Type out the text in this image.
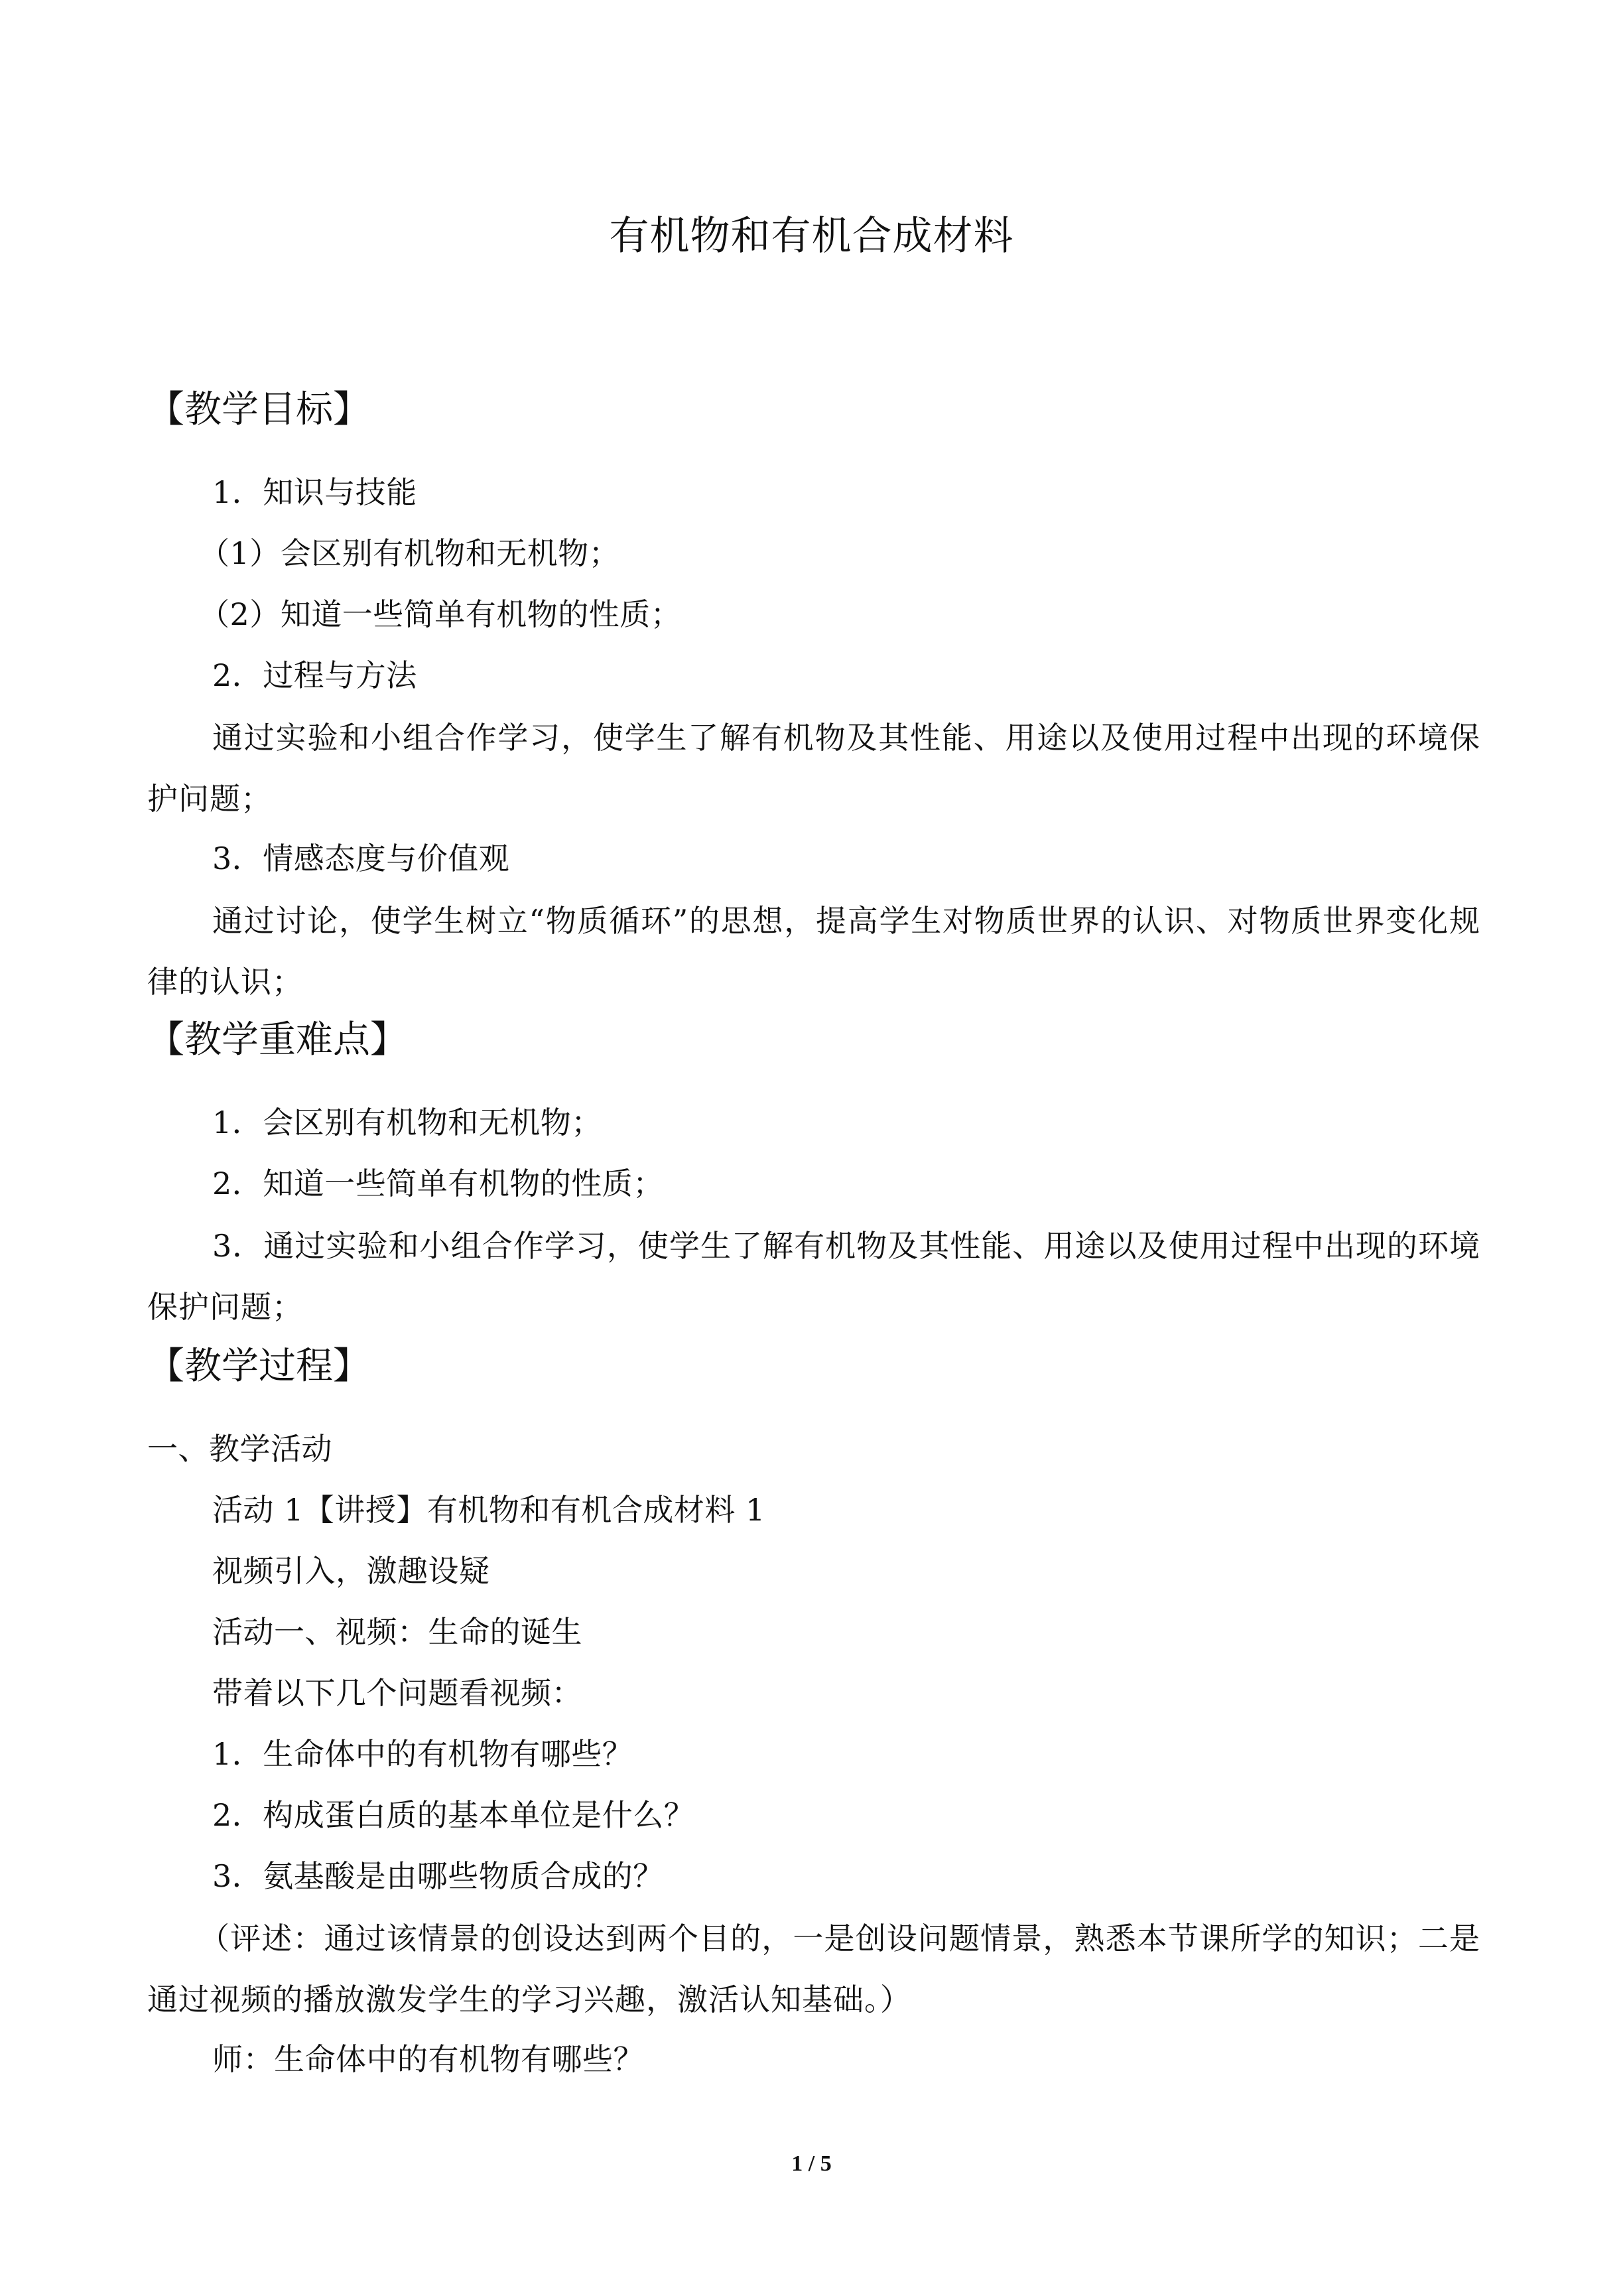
有机物和有机合成材料
【教学目标】
1．知识与技能
（1）会区别有机物和无机物；
（2）知道一些简单有机物的性质；
2．过程与方法
通过实验和小组合作学习，使学生了解有机物及其性能、用途以及使用过程中出现的环境保护问题；
3．情感态度与价值观
通过讨论，使学生树立“物质循环”的思想，提高学生对物质世界的认识、对物质世界变化规律的认识；
【教学重难点】
1．会区别有机物和无机物；
2．知道一些简单有机物的性质；
3．通过实验和小组合作学习，使学生了解有机物及其性能、用途以及使用过程中出现的环境保护问题；
【教学过程】
一、教学活动
活动 1【讲授】有机物和有机合成材料 1
视频引入，激趣设疑
活动一、视频：生命的诞生
带着以下几个问题看视频：
1．生命体中的有机物有哪些？
2．构成蛋白质的基本单位是什么？
3．氨基酸是由哪些物质合成的？
（评述：通过该情景的创设达到两个目的，一是创设问题情景，熟悉本节课所学的知识；二是通过视频的播放激发学生的学习兴趣，激活认知基础。）
师：生命体中的有机物有哪些？
1 / 5
